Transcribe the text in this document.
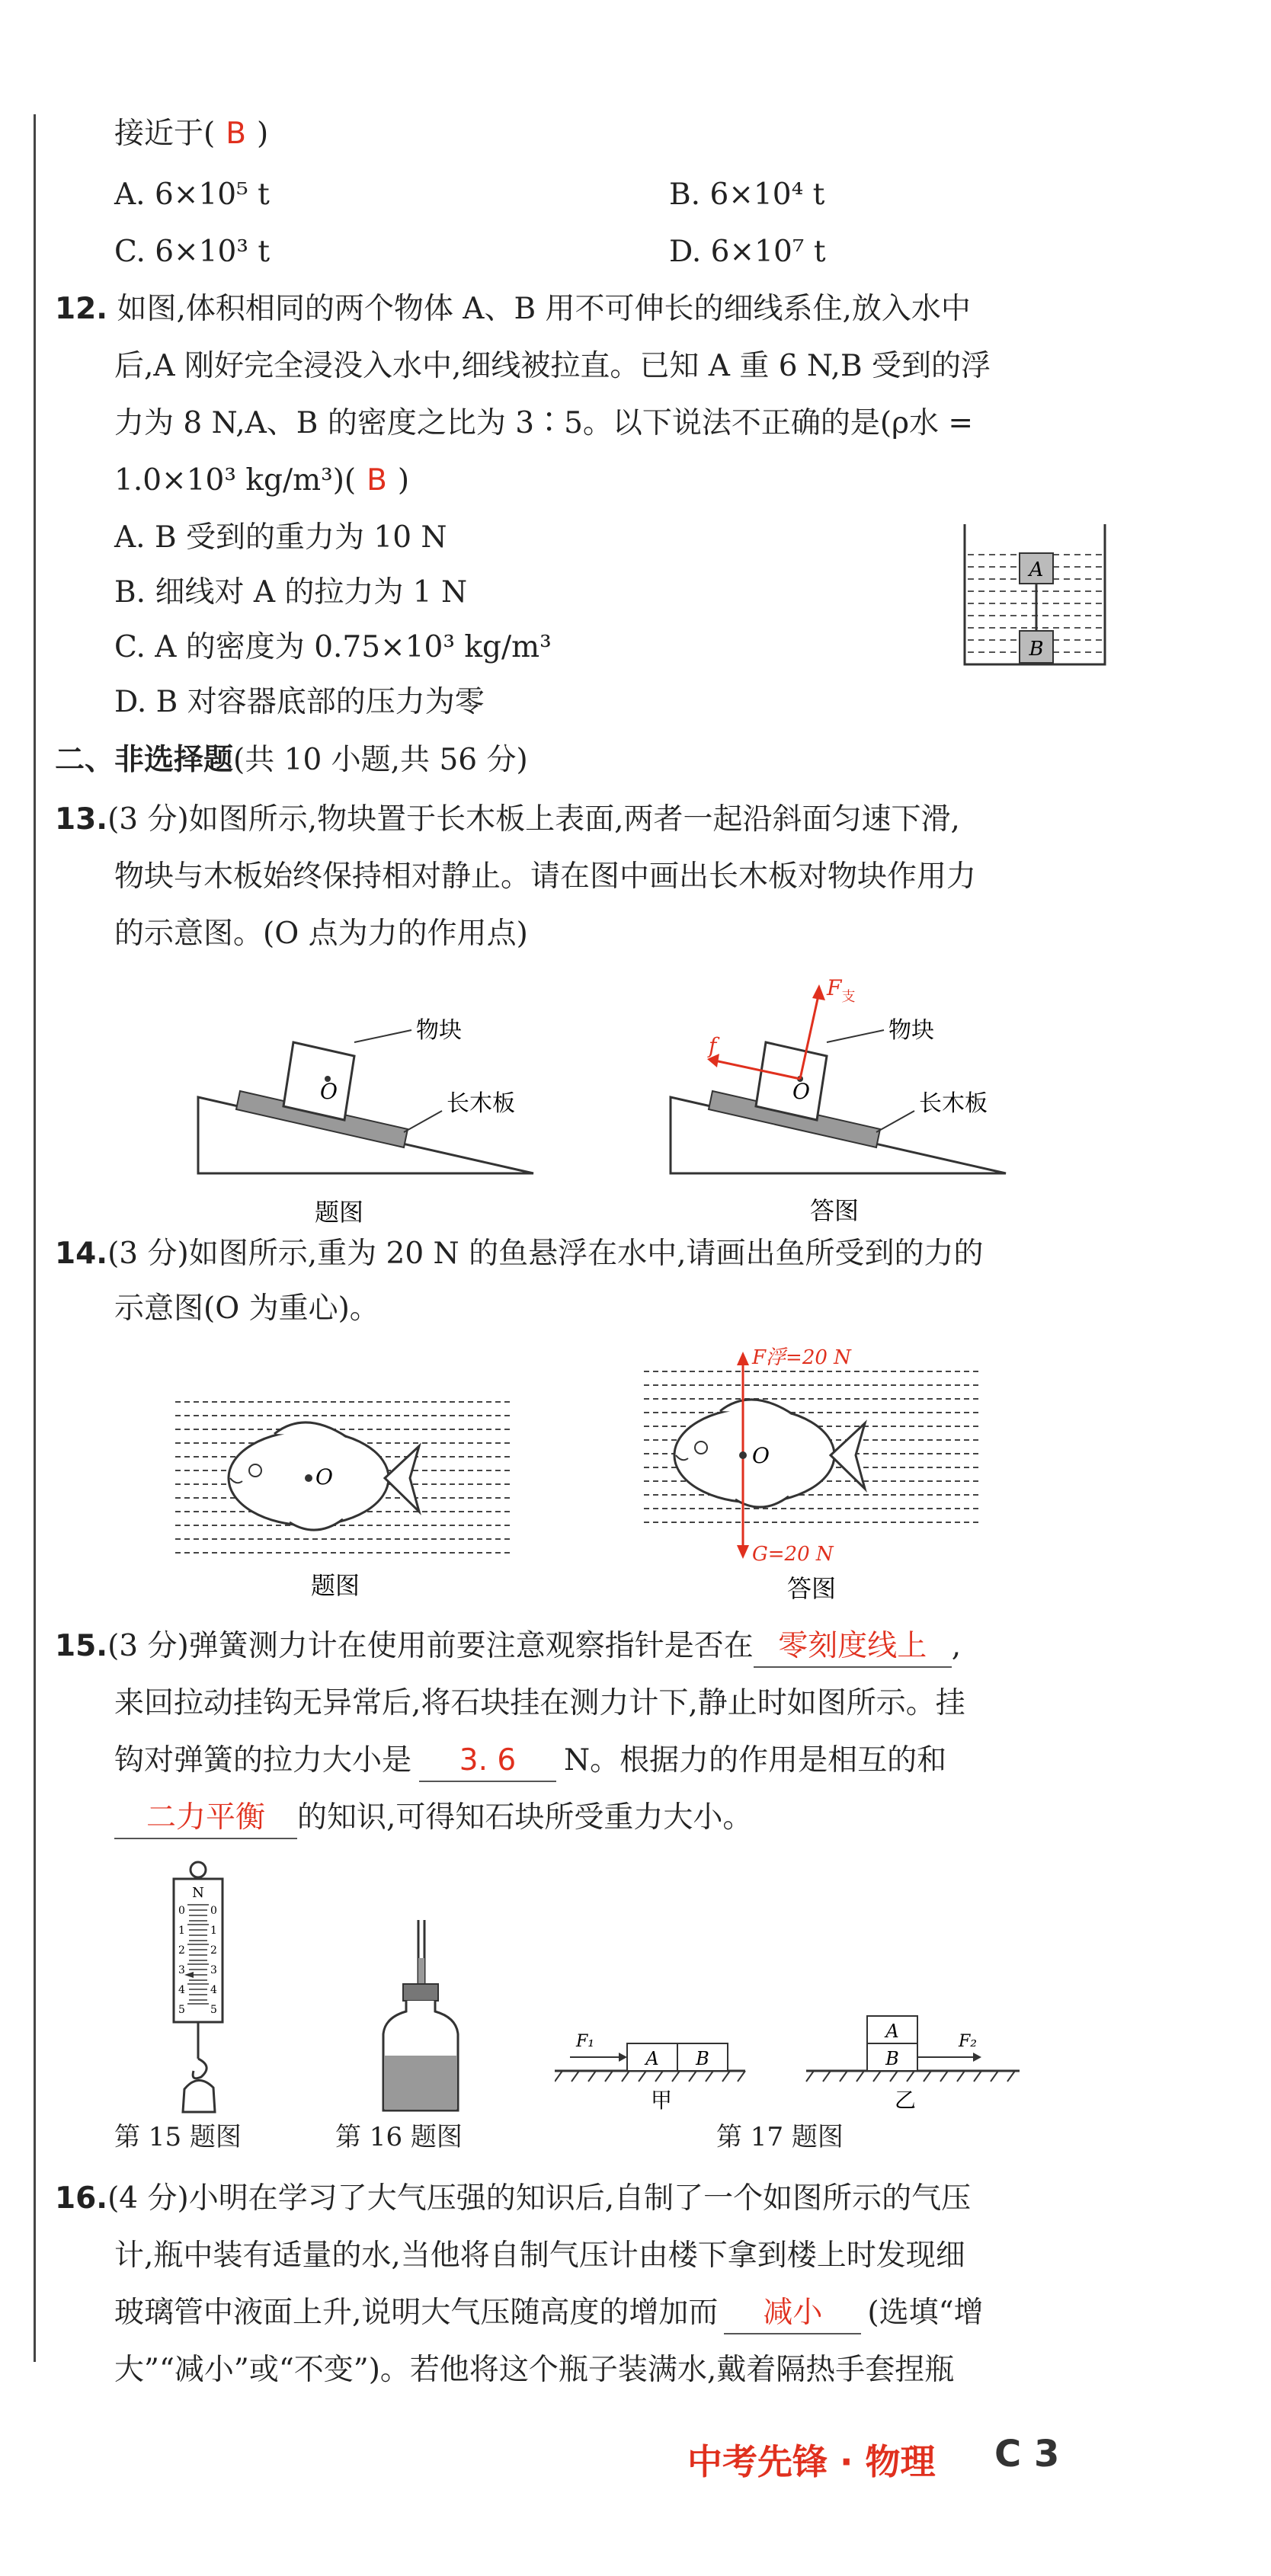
接近于( B )
A. 6×10⁵ t	B. 6×10⁴ t
C. 6×10³ t	D. 6×10⁷ t
12. 如图,体积相同的两个物体 A、B 用不可伸长的细线系住,放入水中
后,A 刚好完全浸没入水中,细线被拉直。已知 A 重 6 N,B 受到的浮
力为 8 N,A、B 的密度之比为 3∶5。以下说法不正确的是(ρ水 =
1.0×10³ kg/m³)( B )
A. B 受到的重力为 10 N
B. 细线对 A 的拉力为 1 N
C. A 的密度为 0.75×10³ kg/m³
D. B 对容器底部的压力为零
A
B
二、非选择题(共 10 小题,共 56 分)
13.(3 分)如图所示,物块置于长木板上表面,两者一起沿斜面匀速下滑,
物块与木板始终保持相对静止。请在图中画出长木板对物块作用力
的示意图。(O 点为力的作用点)
O
物块
长木板
题图
O
$F_支$
f
物块
长木板
答图
14.(3 分)如图所示,重为 20 N 的鱼悬浮在水中,请画出鱼所受到的力的
示意图(O 为重心)。
O
题图
O
F浮=20 N
G=20 N
答图
15.(3 分)弹簧测力计在使用前要注意观察指针是否在 零刻度线上 ,
来回拉动挂钩无异常后,将石块挂在测力计下,静止时如图所示。挂
钩对弹簧的拉力大小是 3. 6 N。根据力的作用是相互的和
二力平衡 的知识,可得知石块所受重力大小。
N
0 0
1 1
2 2
3 3
4 4
5 5
A B
F₁
甲
A
B
F₂
乙
第 15 题图	第 16 题图	第 17 题图
16.(4 分)小明在学习了大气压强的知识后,自制了一个如图所示的气压
计,瓶中装有适量的水,当他将自制气压计由楼下拿到楼上时发现细
玻璃管中液面上升,说明大气压随高度的增加而 减小 (选填“增
大”“减小”或“不变”)。若他将这个瓶子装满水,戴着隔热手套捏瓶
中考先锋 · 物理 C 3
